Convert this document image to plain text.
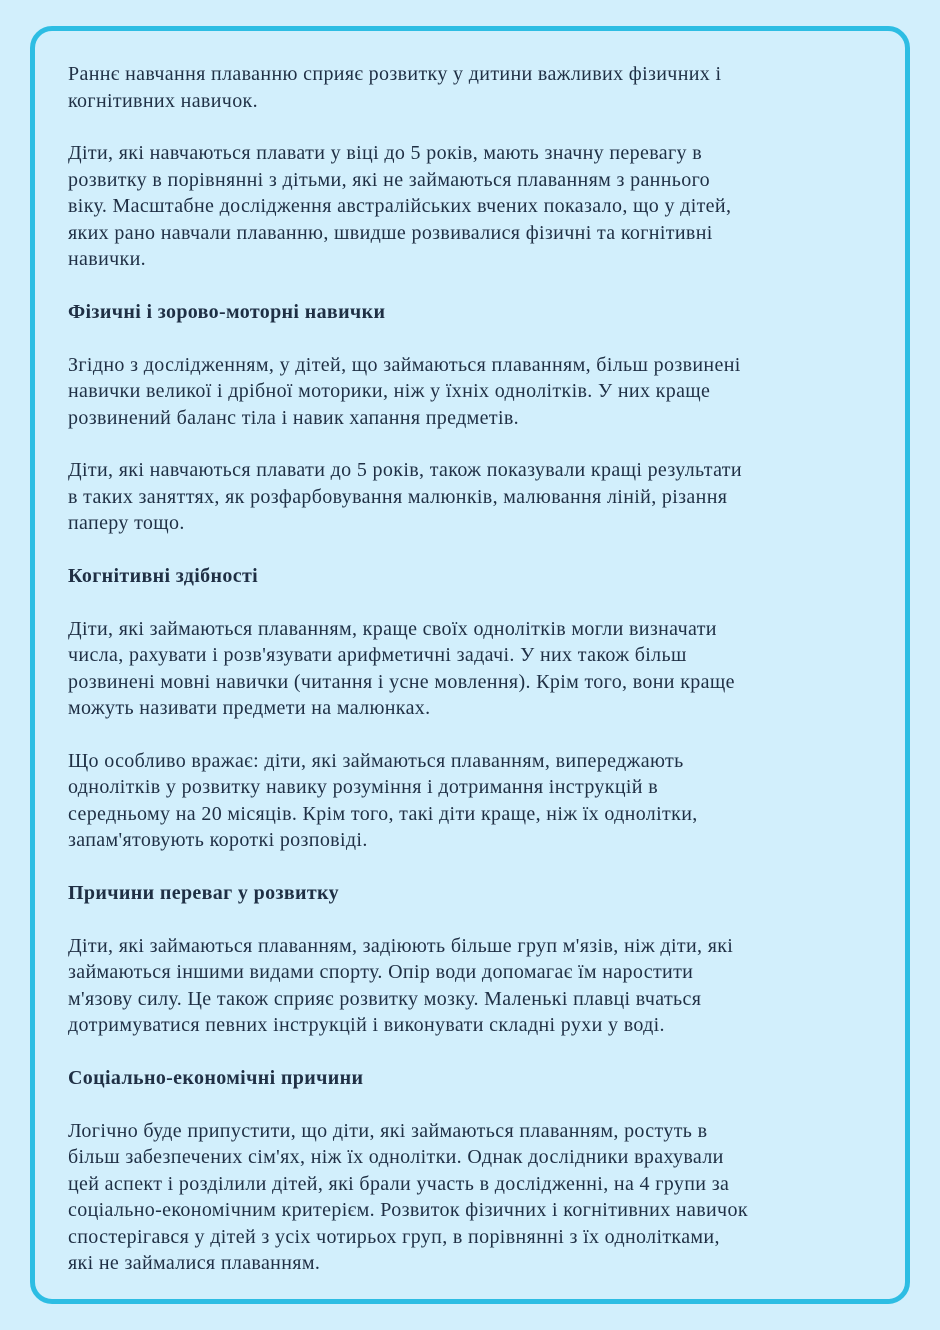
Раннє навчання плаванню сприяє розвитку у дитини важливих фізичних і
когнітивних навичок.

Діти, які навчаються плавати у віці до 5 років, мають значну перевагу в
розвитку в порівнянні з дітьми, які не займаються плаванням з раннього
віку. Масштабне дослідження австралійських вчених показало, що у дітей,
яких рано навчали плаванню, швидше розвивалися фізичні та когнітивні
навички.

Фізичні і зорово-моторні навички

Згідно з дослідженням, у дітей, що займаються плаванням, більш розвинені
навички великої і дрібної моторики, ніж у їхніх однолітків. У них краще
розвинений баланс тіла і навик хапання предметів.

Діти, які навчаються плавати до 5 років, також показували кращі результати
в таких заняттях, як розфарбовування малюнків, малювання ліній, різання
паперу тощо.

Когнітивні здібності

Діти, які займаються плаванням, краще своїх однолітків могли визначати
числа, рахувати і розв'язувати арифметичні задачі. У них також більш
розвинені мовні навички (читання і усне мовлення). Крім того, вони краще
можуть називати предмети на малюнках.

Що особливо вражає: діти, які займаються плаванням, випереджають
однолітків у розвитку навику розуміння і дотримання інструкцій в
середньому на 20 місяців. Крім того, такі діти краще, ніж їх однолітки,
запам'ятовують короткі розповіді.

Причини переваг у розвитку

Діти, які займаються плаванням, задіюють більше груп м'язів, ніж діти, які
займаються іншими видами спорту. Опір води допомагає їм наростити
м'язову силу. Це також сприяє розвитку мозку. Маленькі плавці вчаться
дотримуватися певних інструкцій і виконувати складні рухи у воді.

Соціально-економічні причини

Логічно буде припустити, що діти, які займаються плаванням, ростуть в
більш забезпечених сім'ях, ніж їх однолітки. Однак дослідники врахували
цей аспект і розділили дітей, які брали участь в дослідженні, на 4 групи за
соціально-економічним критерієм. Розвиток фізичних і когнітивних навичок
спостерігався у дітей з усіх чотирьох груп, в порівнянні з їх однолітками,
які не займалися плаванням.
